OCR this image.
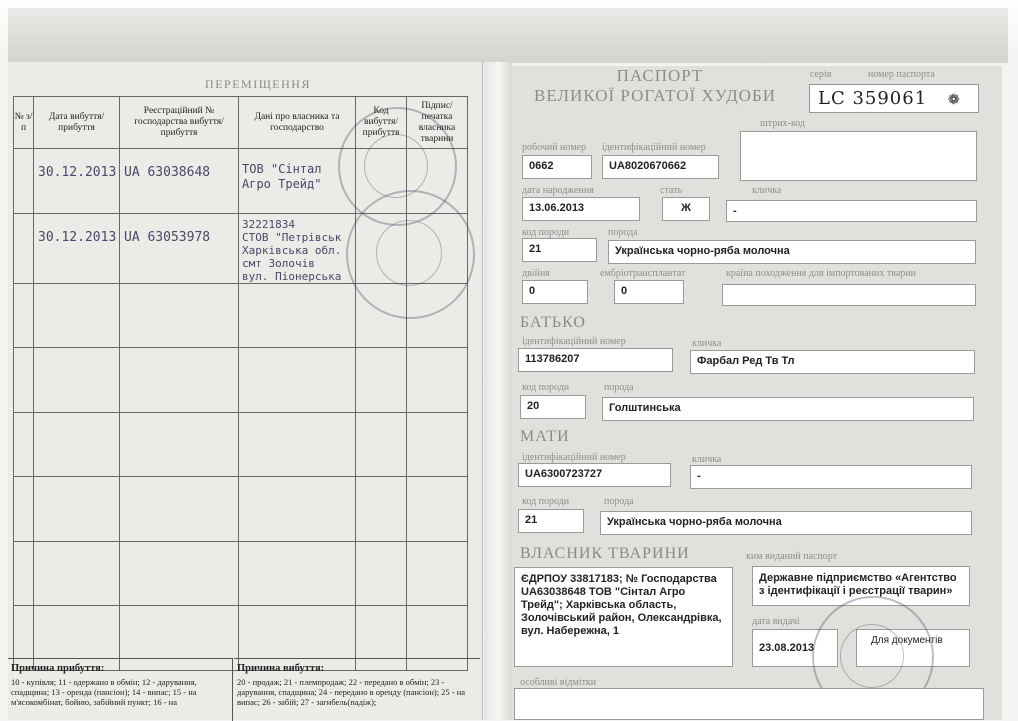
ПЕРЕМІЩЕННЯ
№ з/п	Дата вибуття/прибуття	Реєстраційний № господарства вибуття/прибуття	Дані про власника та господарство	Код вибуття/прибуття	Підпис/печатка власника тварини

	30.12.2013	UA 63038648	ТОВ "Сінтал
Агро Трейд"		

	30.12.2013	UA 63053978	32221834
СТОВ "Петрівськ
Харківська обл.
смт Золочів
вул. Піонерська		

Причина прибуття:
10 - купівля; 11 - одержано в обмін; 12 - дарування, спадщина; 13 - оренда (пансіон); 14 - випас; 15 - на м'ясокомбінат, бойню, забійний пункт; 16 - на
Причина вибуття:
20 - продаж; 21 - племпродаж; 22 - передано в обмін; 23 - дарування, спадщина; 24 - передано в оренду (пансіон); 25 - на випас; 26 - забій; 27 - загибель(падіж);
ПАСПОРТ
ВЕЛИКОЇ РОГАТОЇ ХУДОБИ
серія	номер паспорта
LC 359061 ❁
штрих-код
робочий номер ідентифікаційний номер
0662	UA8020670662
дата народження	стать	кличка
13.06.2013	Ж	-
код породи	порода
21	Українська чорно-ряба молочна
двійня	ембріотрансплантат	країна походження для імпортованих тварин
0	0
БАТЬКО
ідентифікаційний номер	кличка
113786207	Фарбал Ред Тв Тл
код породи	порода
20	Голштинська
МАТИ
ідентифікаційний номер	кличка
UA6300723727	-
код породи	порода
21	Українська чорно-ряба молочна
ВЛАСНИК ТВАРИНИ
ЄДРПОУ 33817183; № Господарства UA63038648 ТОВ "Сінтал Агро Трейд"; Харківська область, Золочівський район, Олександрівка, вул. Набережна, 1
ким виданий паспорт
Державне підприємство «Агентство з ідентифікації і реєстрації тварин»
дата видачі
23.08.2013
Для документів
особливі відмітки
